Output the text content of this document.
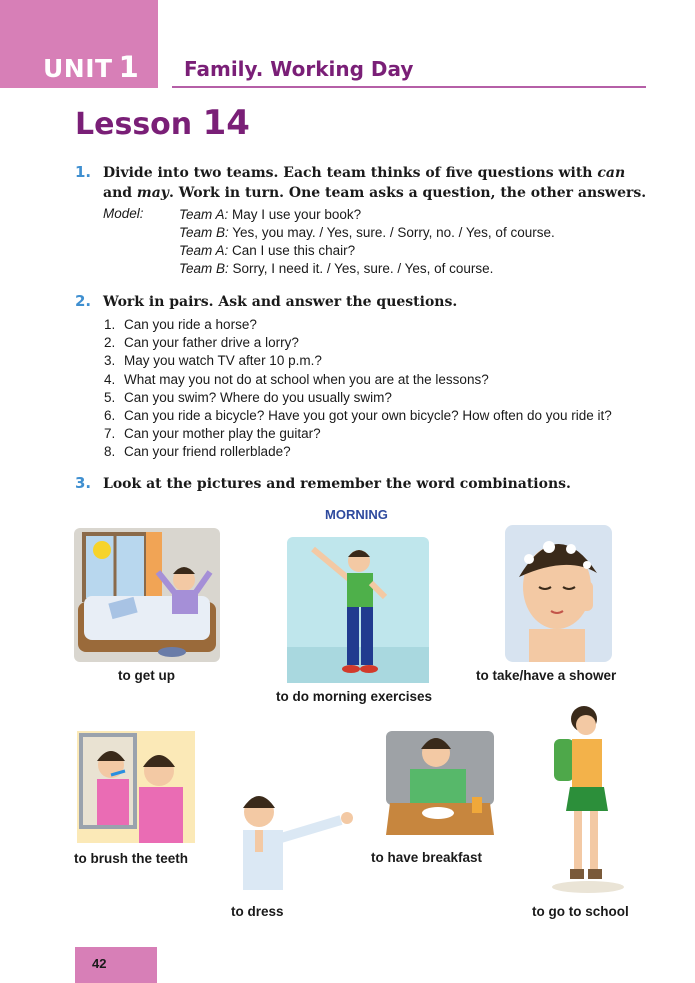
UNIT 1 Family. Working Day
Lesson 14
1. Divide into two teams. Each team thinks of five questions with can and may. Work in turn. One team asks a question, the other answers.
Model:	Team A: May I use your book?
Team B: Yes, you may. / Yes, sure. / Sorry, no. / Yes, of course.
Team A: Can I use this chair?
Team B: Sorry, I need it. / Yes, sure. / Yes, of course.
2. Work in pairs. Ask and answer the questions.
1. Can you ride a horse?
2. Can your father drive a lorry?
3. May you watch TV after 10 p.m.?
4. What may you not do at school when you are at the lessons?
5. Can you swim? Where do you usually swim?
6. Can you ride a bicycle? Have you got your own bicycle? How often do you ride it?
7. Can your mother play the guitar?
8. Can your friend rollerblade?
3. Look at the pictures and remember the word combinations.
MORNING
to get up
to do morning exercises
to take/have a shower
to brush the teeth
to dress
to have breakfast
to go to school
42
